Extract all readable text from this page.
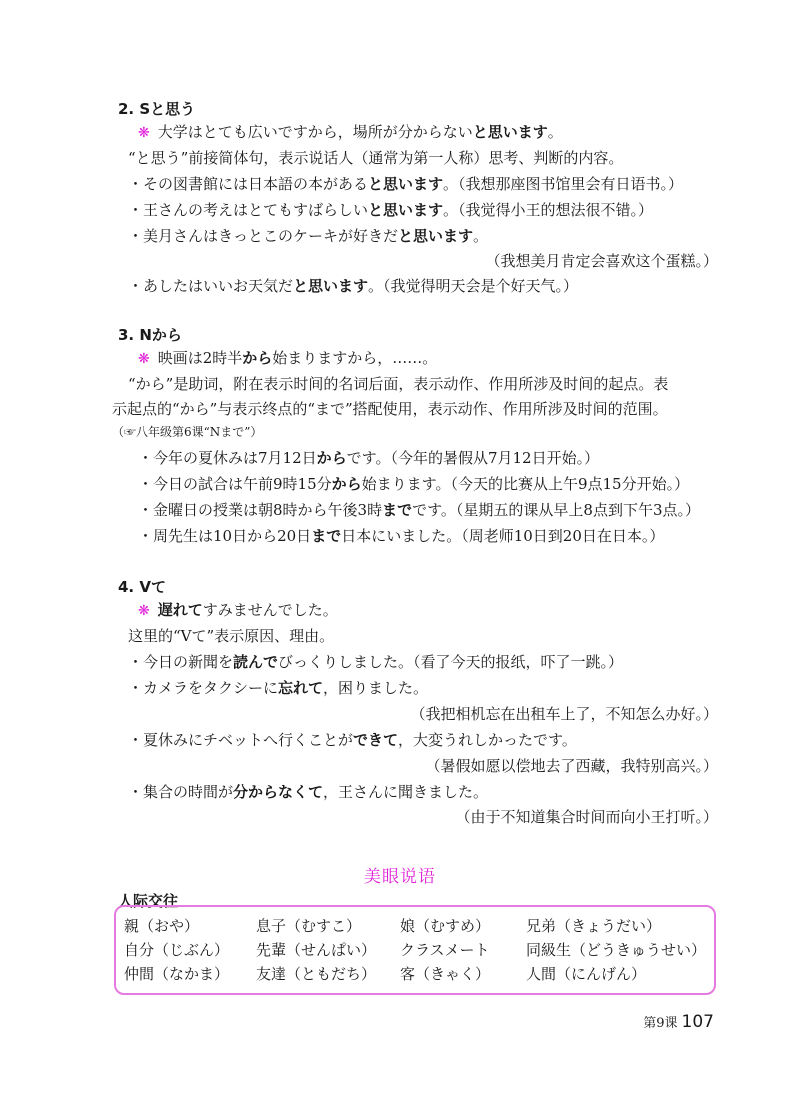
2. Sと思う
❋ 大学はとても広いですから，場所が分からないと思います。
“と思う”前接简体句，表示说话人（通常为第一人称）思考、判断的内容。
・その図書館には日本語の本があると思います。（我想那座图书馆里会有日语书。）
・王さんの考えはとてもすばらしいと思います。（我觉得小王的想法很不错。）
・美月さんはきっとこのケーキが好きだと思います。
（我想美月肯定会喜欢这个蛋糕。）
・あしたはいいお天気だと思います。（我觉得明天会是个好天气。）
3. Nから
❋ 映画は2時半から始まりますから，……。
“から”是助词，附在表示时间的名词后面，表示动作、作用所涉及时间的起点。表
示起点的“から”与表示终点的“まで”搭配使用，表示动作、作用所涉及时间的范围。
（☞八年级第6课“Nまで”）
・今年の夏休みは7月12日からです。（今年的暑假从7月12日开始。）
・今日の試合は午前9時15分から始まります。（今天的比赛从上午9点15分开始。）
・金曜日の授業は朝8時から午後3時までです。（星期五的课从早上8点到下午3点。）
・周先生は10日から20日まで日本にいました。（周老师10日到20日在日本。）
4. Vて
❋ 遅れてすみませんでした。
这里的“Vて”表示原因、理由。
・今日の新聞を読んでびっくりしました。（看了今天的报纸，吓了一跳。）
・カメラをタクシーに忘れて，困りました。
（我把相机忘在出租车上了，不知怎么办好。）
・夏休みにチベットへ行くことができて，大変うれしかったです。
（暑假如愿以偿地去了西藏，我特别高兴。）
・集合の時間が分からなくて，王さんに聞きました。
（由于不知道集合时间而向小王打听。）
美眼说语
人际交往
親（おや）	息子（むすこ）	娘（むすめ） 兄弟（きょうだい）
自分（じぶん） 先輩（せんぱい） クラスメート 同級生（どうきゅうせい）
仲間（なかま） 友達（ともだち） 客（きゃく） 人間（にんげん）
第9课 107
